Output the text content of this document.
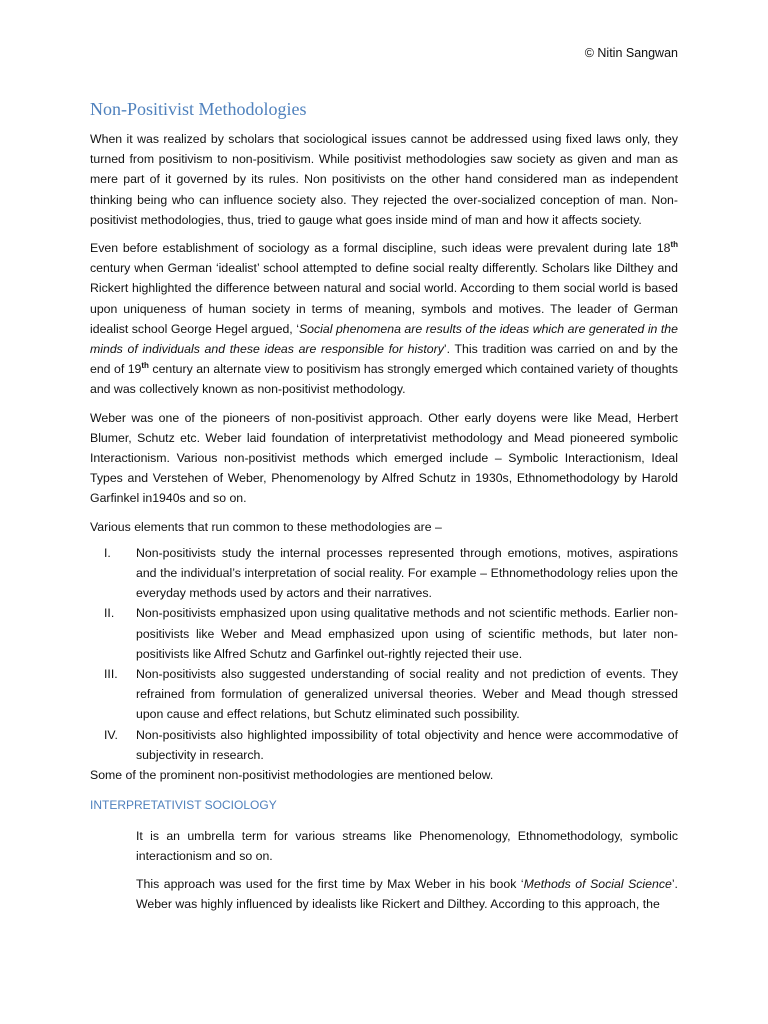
© Nitin Sangwan
Non-Positivist Methodologies

When it was realized by scholars that sociological issues cannot be addressed using fixed laws only, they turned from positivism to non-positivism. While positivist methodologies saw society as given and man as mere part of it governed by its rules. Non positivists on the other hand considered man as independent thinking being who can influence society also. They rejected the over-socialized conception of man. Non-positivist methodologies, thus, tried to gauge what goes inside mind of man and how it affects society.

Even before establishment of sociology as a formal discipline, such ideas were prevalent during late 18th century when German ‘idealist’ school attempted to define social realty differently. Scholars like Dilthey and Rickert highlighted the difference between natural and social world. According to them social world is based upon uniqueness of human society in terms of meaning, symbols and motives. The leader of German idealist school George Hegel argued, ‘Social phenomena are results of the ideas which are generated in the minds of individuals and these ideas are responsible for history’. This tradition was carried on and by the end of 19th century an alternate view to positivism has strongly emerged which contained variety of thoughts and was collectively known as non-positivist methodology.

Weber was one of the pioneers of non-positivist approach. Other early doyens were like Mead, Herbert Blumer, Schutz etc. Weber laid foundation of interpretativist methodology and Mead pioneered symbolic Interactionism. Various non-positivist methods which emerged include – Symbolic Interactionism, Ideal Types and Verstehen of Weber, Phenomenology by Alfred Schutz in 1930s, Ethnomethodology by Harold Garfinkel in1940s and so on.

Various elements that run common to these methodologies are –

I. Non-positivists study the internal processes represented through emotions, motives, aspirations and the individual’s interpretation of social reality. For example – Ethnomethodology relies upon the everyday methods used by actors and their narratives.
II. Non-positivists emphasized upon using qualitative methods and not scientific methods. Earlier non-positivists like Weber and Mead emphasized upon using of scientific methods, but later non-positivists like Alfred Schutz and Garfinkel out-rightly rejected their use.
III. Non-positivists also suggested understanding of social reality and not prediction of events. They refrained from formulation of generalized universal theories. Weber and Mead though stressed upon cause and effect relations, but Schutz eliminated such possibility.
IV. Non-positivists also highlighted impossibility of total objectivity and hence were accommodative of subjectivity in research.

Some of the prominent non-positivist methodologies are mentioned below.

INTERPRETATIVIST SOCIOLOGY

It is an umbrella term for various streams like Phenomenology, Ethnomethodology, symbolic interactionism and so on.

This approach was used for the first time by Max Weber in his book ‘Methods of Social Science’. Weber was highly influenced by idealists like Rickert and Dilthey. According to this approach, the
